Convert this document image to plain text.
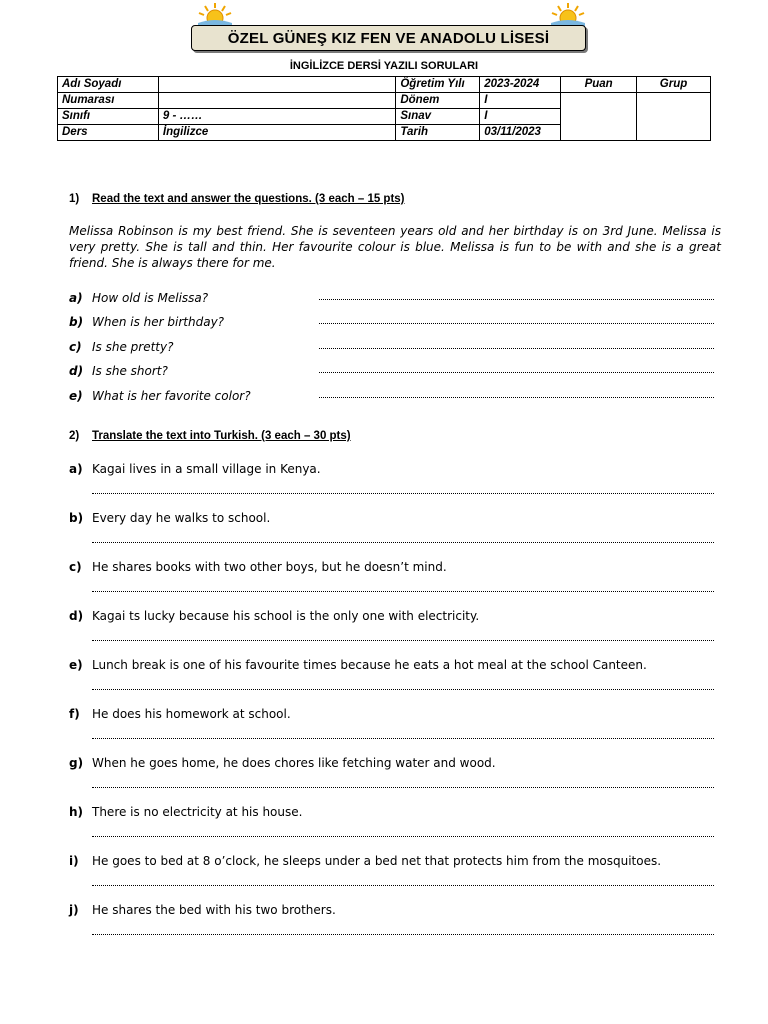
ÖZEL GÜNEŞ KIZ FEN VE ANADOLU LİSESİ
İNGİLİZCE DERSİ YAZILI SORULARI
Adı Soyadı		Öğretim Yılı	2023-2024	Puan	Grup
Numarası		Dönem	I		
Sınıfı	9 - ……	Sınav	I		
Ders	İngilizce	Tarih	03/11/2023		
1) Read the text and answer the questions. (3 each – 15 pts)
Melissa Robinson is my best friend. She is seventeen years old and her birthday is on 3rd June. Melissa is very pretty. She is tall and thin. Her favourite colour is blue. Melissa is fun to be with and she is a great friend. She is always there for me.
a) How old is Melissa?
b) When is her birthday?
c) Is she pretty?
d) Is she short?
e) What is her favorite color?
2) Translate the text into Turkish. (3 each – 30 pts)
a) Kagai lives in a small village in Kenya.
b) Every day he walks to school.
c) He shares books with two other boys, but he doesn’t mind.
d) Kagai ts lucky because his school is the only one with electricity.
e) Lunch break is one of his favourite times because he eats a hot meal at the school Canteen.
f) He does his homework at school.
g) When he goes home, he does chores like fetching water and wood.
h) There is no electricity at his house.
i) He goes to bed at 8 o’clock, he sleeps under a bed net that protects him from the mosquitoes.
j) He shares the bed with his two brothers.
